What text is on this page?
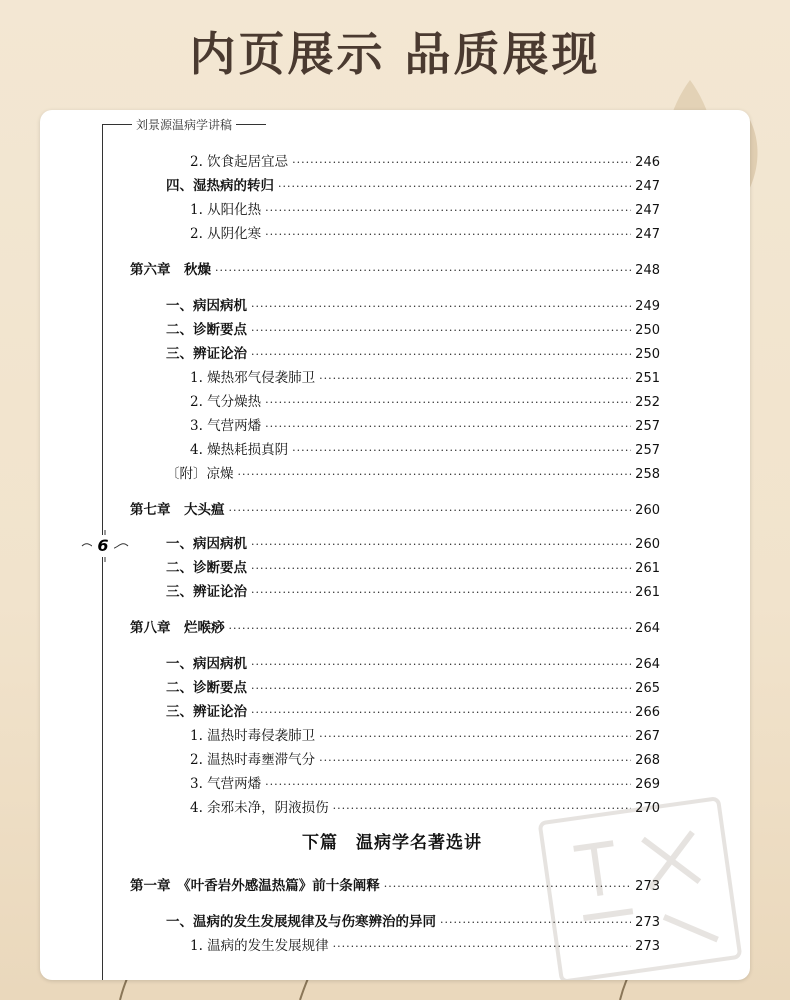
内页展示 品质展现
刘景源温病学讲稿
6
2. 饮食起居宜忌 ·····	246
四、湿热病的转归 ·····	247
1. 从阳化热 ·····	247
2. 从阴化寒 ·····	247
第六章　秋燥 ·····	248
一、病因病机 ·····	249
二、诊断要点 ·····	250
三、辨证论治 ·····	250
1. 燥热邪气侵袭肺卫 ·····	251
2. 气分燥热 ·····	252
3. 气营两燔 ·····	257
4. 燥热耗损真阴 ·····	257
〔附〕凉燥 ·····	258
第七章　大头瘟 ·····	260
一、病因病机 ·····	260
二、诊断要点 ·····	261
三、辨证论治 ·····	261
第八章　烂喉痧 ·····	264
一、病因病机 ·····	264
二、诊断要点 ·····	265
三、辨证论治 ·····	266
1. 温热时毒侵袭肺卫 ·····	267
2. 温热时毒壅滞气分 ·····	268
3. 气营两燔 ·····	269
4. 余邪未净，阴液损伤 ·····	270
下篇　温病学名著选讲
第一章　《叶香岩外感温热篇》前十条阐释 ·····	273
一、温病的发生发展规律及与伤寒辨治的异同 ·····	273
1. 温病的发生发展规律 ·····	273
